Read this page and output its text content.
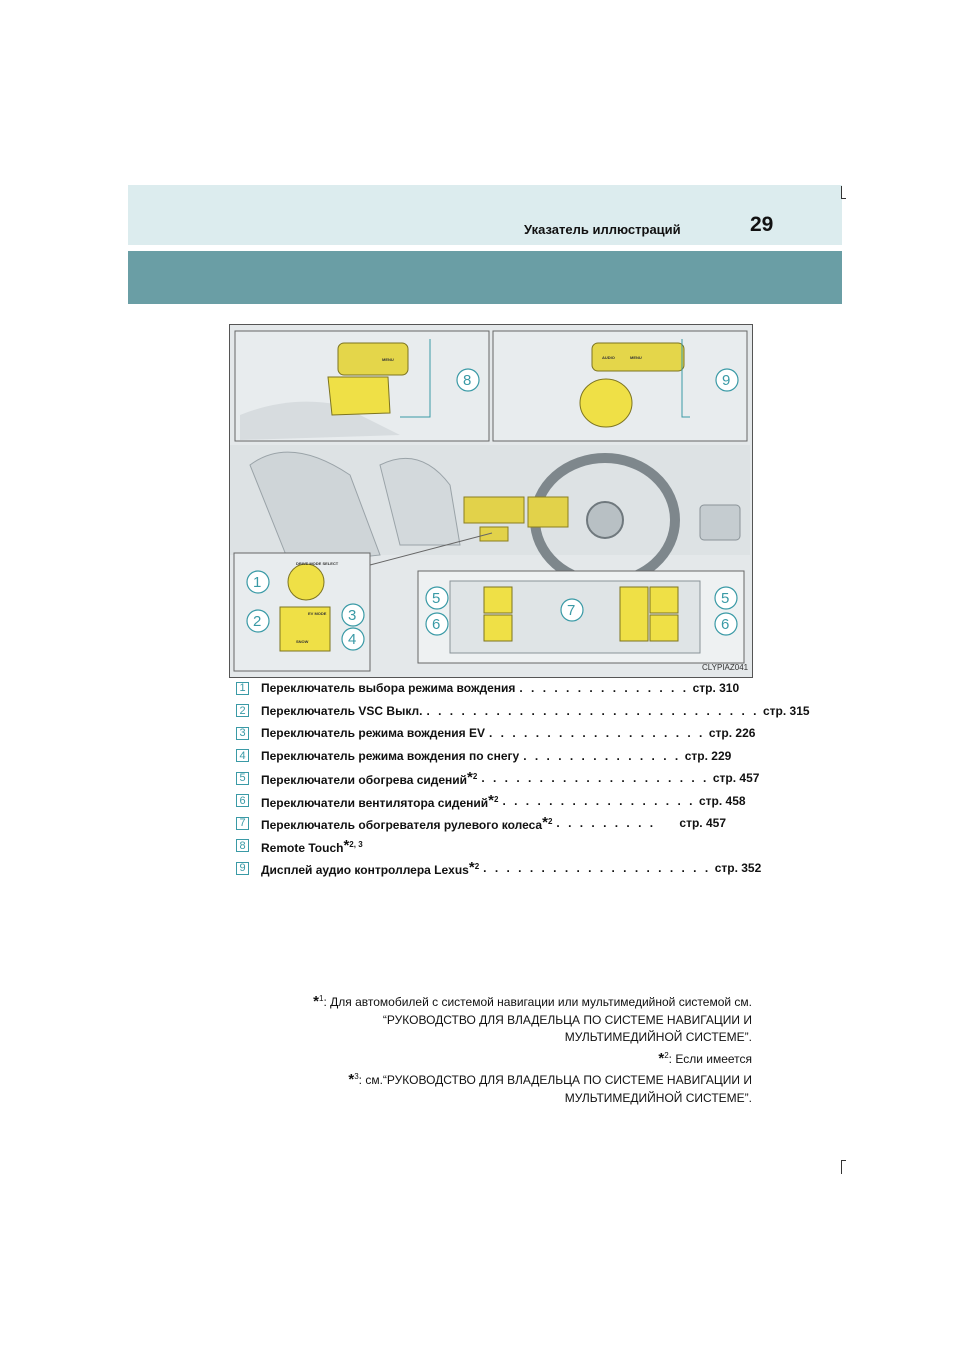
Указатель иллюстраций	29
MENU	AUDIO	MENU
DRIVE MODE SELECT
SNOW
EV MODE
1
2	3
4
5
6
7
5
6
8	9
CLYPIAZ041
1 Переключатель выбора режима вождения . . . . . . . . . . . . . . . стр. 310
2 Переключатель VSC Выкл. . . . . . . . . . . . . . . . . . . . . . . . . . . . . . стр. 315
3 Переключатель режима вождения EV . . . . . . . . . . . . . . . . . . . стр. 226
4 Переключатель режима вождения по снегу . . . . . . . . . . . . . . стр. 229
5 Переключатели обогрева сидений*$^2$ . . . . . . . . . . . . . . . . . . . . стр. 457
6 Переключатели вентилятора сидений*$^2$ . . . . . . . . . . . . . . . . . стр. 458
7 Переключатель обогревателя рулевого колеса*$^2$ . . . . . . . . .	стр. 457
8 Remote Touch*$^{2, 3}$
9 Дисплей аудио контроллера Lexus*$^2$ . . . . . . . . . . . . . . . . . . . . стр. 352

*$^1$: Для автомобилей с системой навигации или мультимедийной системой см.

“РУКОВОДСТВО ДЛЯ ВЛАДЕЛЬЦА ПО СИСТЕМЕ НАВИГАЦИИ И

МУЛЬТИМЕДИЙНОЙ СИСТЕМЕ”.

*$^2$: Если имеется

*$^3$: см.“РУКОВОДСТВО ДЛЯ ВЛАДЕЛЬЦА ПО СИСТЕМЕ НАВИГАЦИИ И

МУЛЬТИМЕДИЙНОЙ СИСТЕМЕ”.
